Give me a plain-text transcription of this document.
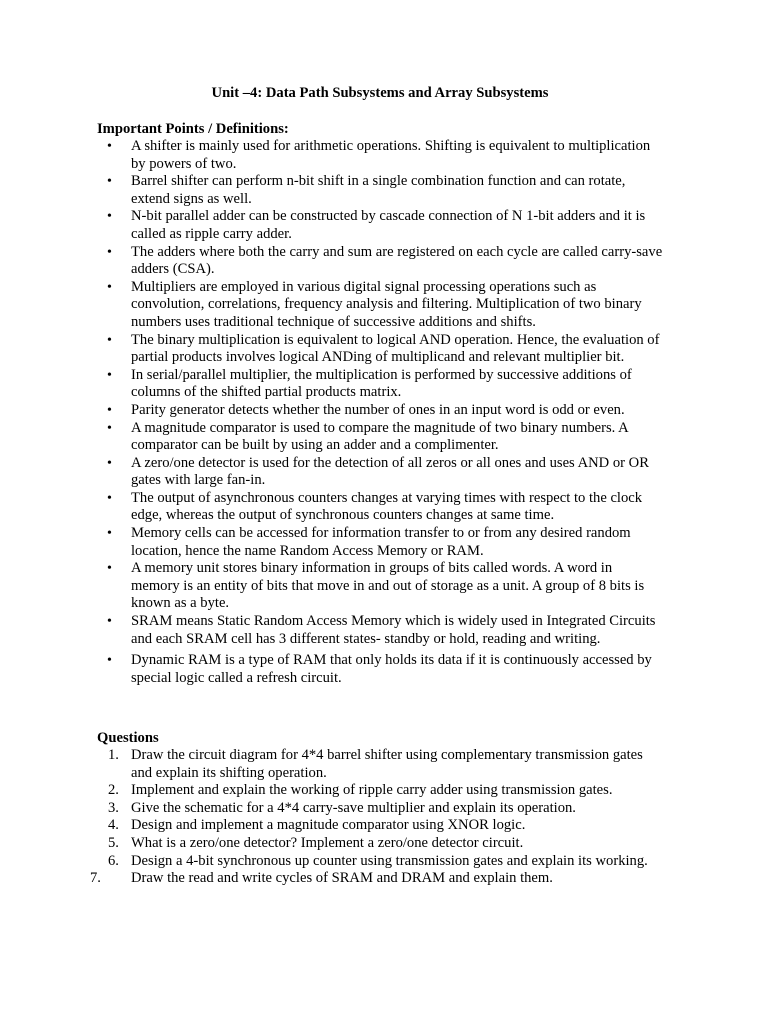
Unit –4: Data Path Subsystems and Array Subsystems
Important Points / Definitions:
• A shifter is mainly used for arithmetic operations. Shifting is equivalent to multiplication by powers of two.
• Barrel shifter can perform n-bit shift in a single combination function and can rotate, extend signs as well.
• N-bit parallel adder can be constructed by cascade connection of N 1-bit adders and it is called as ripple carry adder.
• The adders where both the carry and sum are registered on each cycle are called carry-save adders (CSA).
• Multipliers are employed in various digital signal processing operations such as convolution, correlations, frequency analysis and filtering. Multiplication of two binary numbers uses traditional technique of successive additions and shifts.
• The binary multiplication is equivalent to logical AND operation. Hence, the evaluation of partial products involves logical ANDing of multiplicand and relevant multiplier bit.
• In serial/parallel multiplier, the multiplication is performed by successive additions of columns of the shifted partial products matrix.
• Parity generator detects whether the number of ones in an input word is odd or even.
• A magnitude comparator is used to compare the magnitude of two binary numbers. A comparator can be built by using an adder and a complimenter.
• A zero/one detector is used for the detection of all zeros or all ones and uses AND or OR gates with large fan-in.
• The output of asynchronous counters changes at varying times with respect to the clock edge, whereas the output of synchronous counters changes at same time.
• Memory cells can be accessed for information transfer to or from any desired random location, hence the name Random Access Memory or RAM.
• A memory unit stores binary information in groups of bits called words. A word in memory is an entity of bits that move in and out of storage as a unit. A group of 8 bits is known as a byte.
• SRAM means Static Random Access Memory which is widely used in Integrated Circuits and each SRAM cell has 3 different states- standby or hold, reading and writing.
• Dynamic RAM is a type of RAM that only holds its data if it is continuously accessed by special logic called a refresh circuit.
Questions
1. Draw the circuit diagram for 4*4 barrel shifter using complementary transmission gates and explain its shifting operation.
2. Implement and explain the working of ripple carry adder using transmission gates.
3. Give the schematic for a 4*4 carry-save multiplier and explain its operation.
4. Design and implement a magnitude comparator using XNOR logic.
5. What is a zero/one detector? Implement a zero/one detector circuit.
6. Design a 4-bit synchronous up counter using transmission gates and explain its working.
7. Draw the read and write cycles of SRAM and DRAM and explain them.
